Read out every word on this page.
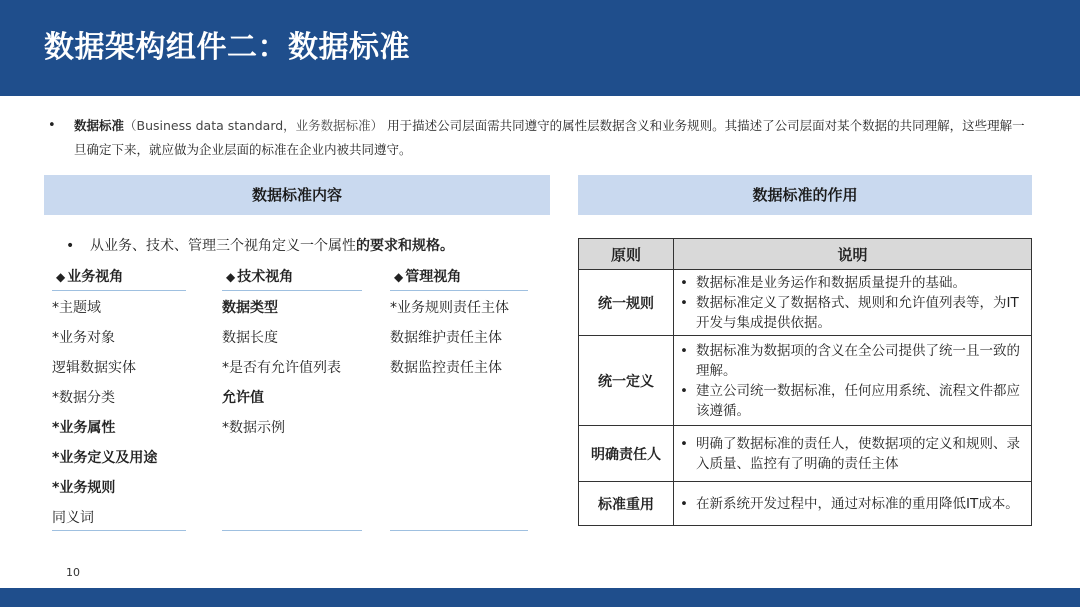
数据架构组件二：数据标准
• 数据标准（Business data standard，业务数据标准） 用于描述公司层面需共同遵守的属性层数据含义和业务规则。其描述了公司层面对某个数据的共同理解，这些理解一旦确定下来，就应做为企业层面的标准在企业内被共同遵守。
数据标准内容	数据标准的作用
• 从业务、技术、管理三个视角定义一个属性的要求和规格。
◆ 业务视角
*主题域
*业务对象
逻辑数据实体
*数据分类
*业务属性
*业务定义及用途
*业务规则
同义词
◆ 技术视角
数据类型
数据长度
*是否有允许值列表
允许值
*数据示例
◆ 管理视角
*业务规则责任主体
数据维护责任主体
数据监控责任主体
原则	说明
统一规则	• 数据标准是业务运作和数据质量提升的基础。
• 数据标准定义了数据格式、规则和允许值列表等，为IT开发与集成提供依据。

统一定义	• 数据标准为数据项的含义在全公司提供了统一且一致的理解。
• 建立公司统一数据标准，任何应用系统、流程文件都应该遵循。

明确责任人	• 明确了数据标准的责任人，使数据项的定义和规则、录入质量、监控有了明确的责任主体

标准重用	• 在新系统开发过程中，通过对标准的重用降低IT成本。
10
